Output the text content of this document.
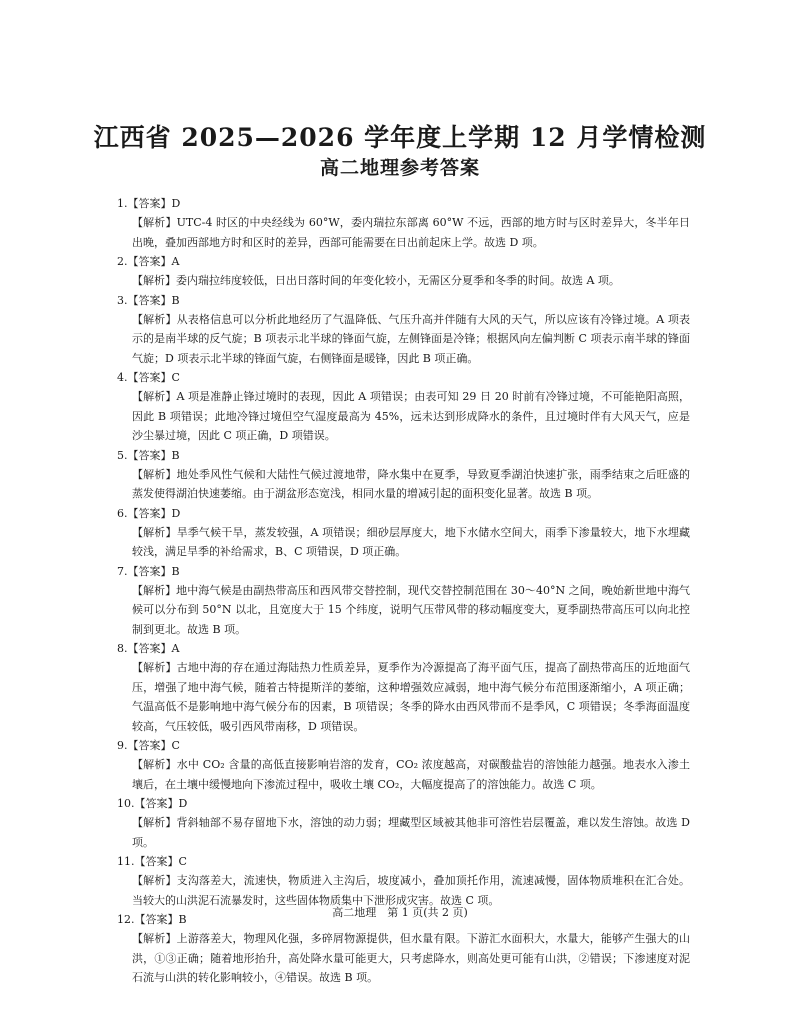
江西省 2025—2026 学年度上学期 12 月学情检测
高二地理参考答案
1.【答案】D
【解析】UTC-4 时区的中央经线为 60°W，委内瑞拉东部离 60°W 不远，西部的地方时与区时差异大，冬半年日出晚，叠加西部地方时和区时的差异，西部可能需要在日出前起床上学。故选 D 项。
2.【答案】A
【解析】委内瑞拉纬度较低，日出日落时间的年变化较小，无需区分夏季和冬季的时间。故选 A 项。
3.【答案】B
【解析】从表格信息可以分析此地经历了气温降低、气压升高并伴随有大风的天气，所以应该有冷锋过境。A 项表示的是南半球的反气旋；B 项表示北半球的锋面气旋，左侧锋面是冷锋；根据风向左偏判断 C 项表示南半球的锋面气旋；D 项表示北半球的锋面气旋，右侧锋面是暖锋，因此 B 项正确。
4.【答案】C
【解析】A 项是准静止锋过境时的表现，因此 A 项错误；由表可知 29 日 20 时前有冷锋过境，不可能艳阳高照，因此 B 项错误；此地冷锋过境但空气湿度最高为 45%，远未达到形成降水的条件，且过境时伴有大风天气，应是沙尘暴过境，因此 C 项正确，D 项错误。
5.【答案】B
【解析】地处季风性气候和大陆性气候过渡地带，降水集中在夏季，导致夏季湖泊快速扩张，雨季结束之后旺盛的蒸发使得湖泊快速萎缩。由于湖盆形态宽浅，相同水量的增减引起的面积变化显著。故选 B 项。
6.【答案】D
【解析】旱季气候干旱，蒸发较强，A 项错误；细砂层厚度大，地下水储水空间大，雨季下渗量较大，地下水埋藏较浅，满足旱季的补给需求，B、C 项错误，D 项正确。
7.【答案】B
【解析】地中海气候是由副热带高压和西风带交替控制，现代交替控制范围在 30～40°N 之间，晚始新世地中海气候可以分布到 50°N 以北，且宽度大于 15 个纬度，说明气压带风带的移动幅度变大，夏季副热带高压可以向北控制到更北。故选 B 项。
8.【答案】A
【解析】古地中海的存在通过海陆热力性质差异，夏季作为冷源提高了海平面气压，提高了副热带高压的近地面气压，增强了地中海气候，随着古特提斯洋的萎缩，这种增强效应减弱，地中海气候分布范围逐渐缩小，A 项正确；气温高低不是影响地中海气候分布的因素，B 项错误；冬季的降水由西风带而不是季风，C 项错误；冬季海面温度较高，气压较低，吸引西风带南移，D 项错误。
9.【答案】C
【解析】水中 CO₂ 含量的高低直接影响岩溶的发育，CO₂ 浓度越高，对碳酸盐岩的溶蚀能力越强。地表水入渗土壤后，在土壤中缓慢地向下渗流过程中，吸收土壤 CO₂，大幅度提高了的溶蚀能力。故选 C 项。
10.【答案】D
【解析】背斜轴部不易存留地下水，溶蚀的动力弱；埋藏型区域被其他非可溶性岩层覆盖，难以发生溶蚀。故选 D 项。
11.【答案】C
【解析】支沟落差大，流速快，物质进入主沟后，坡度减小，叠加顶托作用，流速减慢，固体物质堆积在汇合处。当较大的山洪泥石流暴发时，这些固体物质集中下泄形成灾害。故选 C 项。
12.【答案】B
【解析】上游落差大，物理风化强，多碎屑物源提供，但水量有限。下游汇水面积大，水量大，能够产生强大的山洪，①③正确；随着地形抬升，高处降水量可能更大，只考虑降水，则高处更可能有山洪，②错误；下渗速度对泥石流与山洪的转化影响较小，④错误。故选 B 项。
高二地理　第 1 页(共 2 页)
